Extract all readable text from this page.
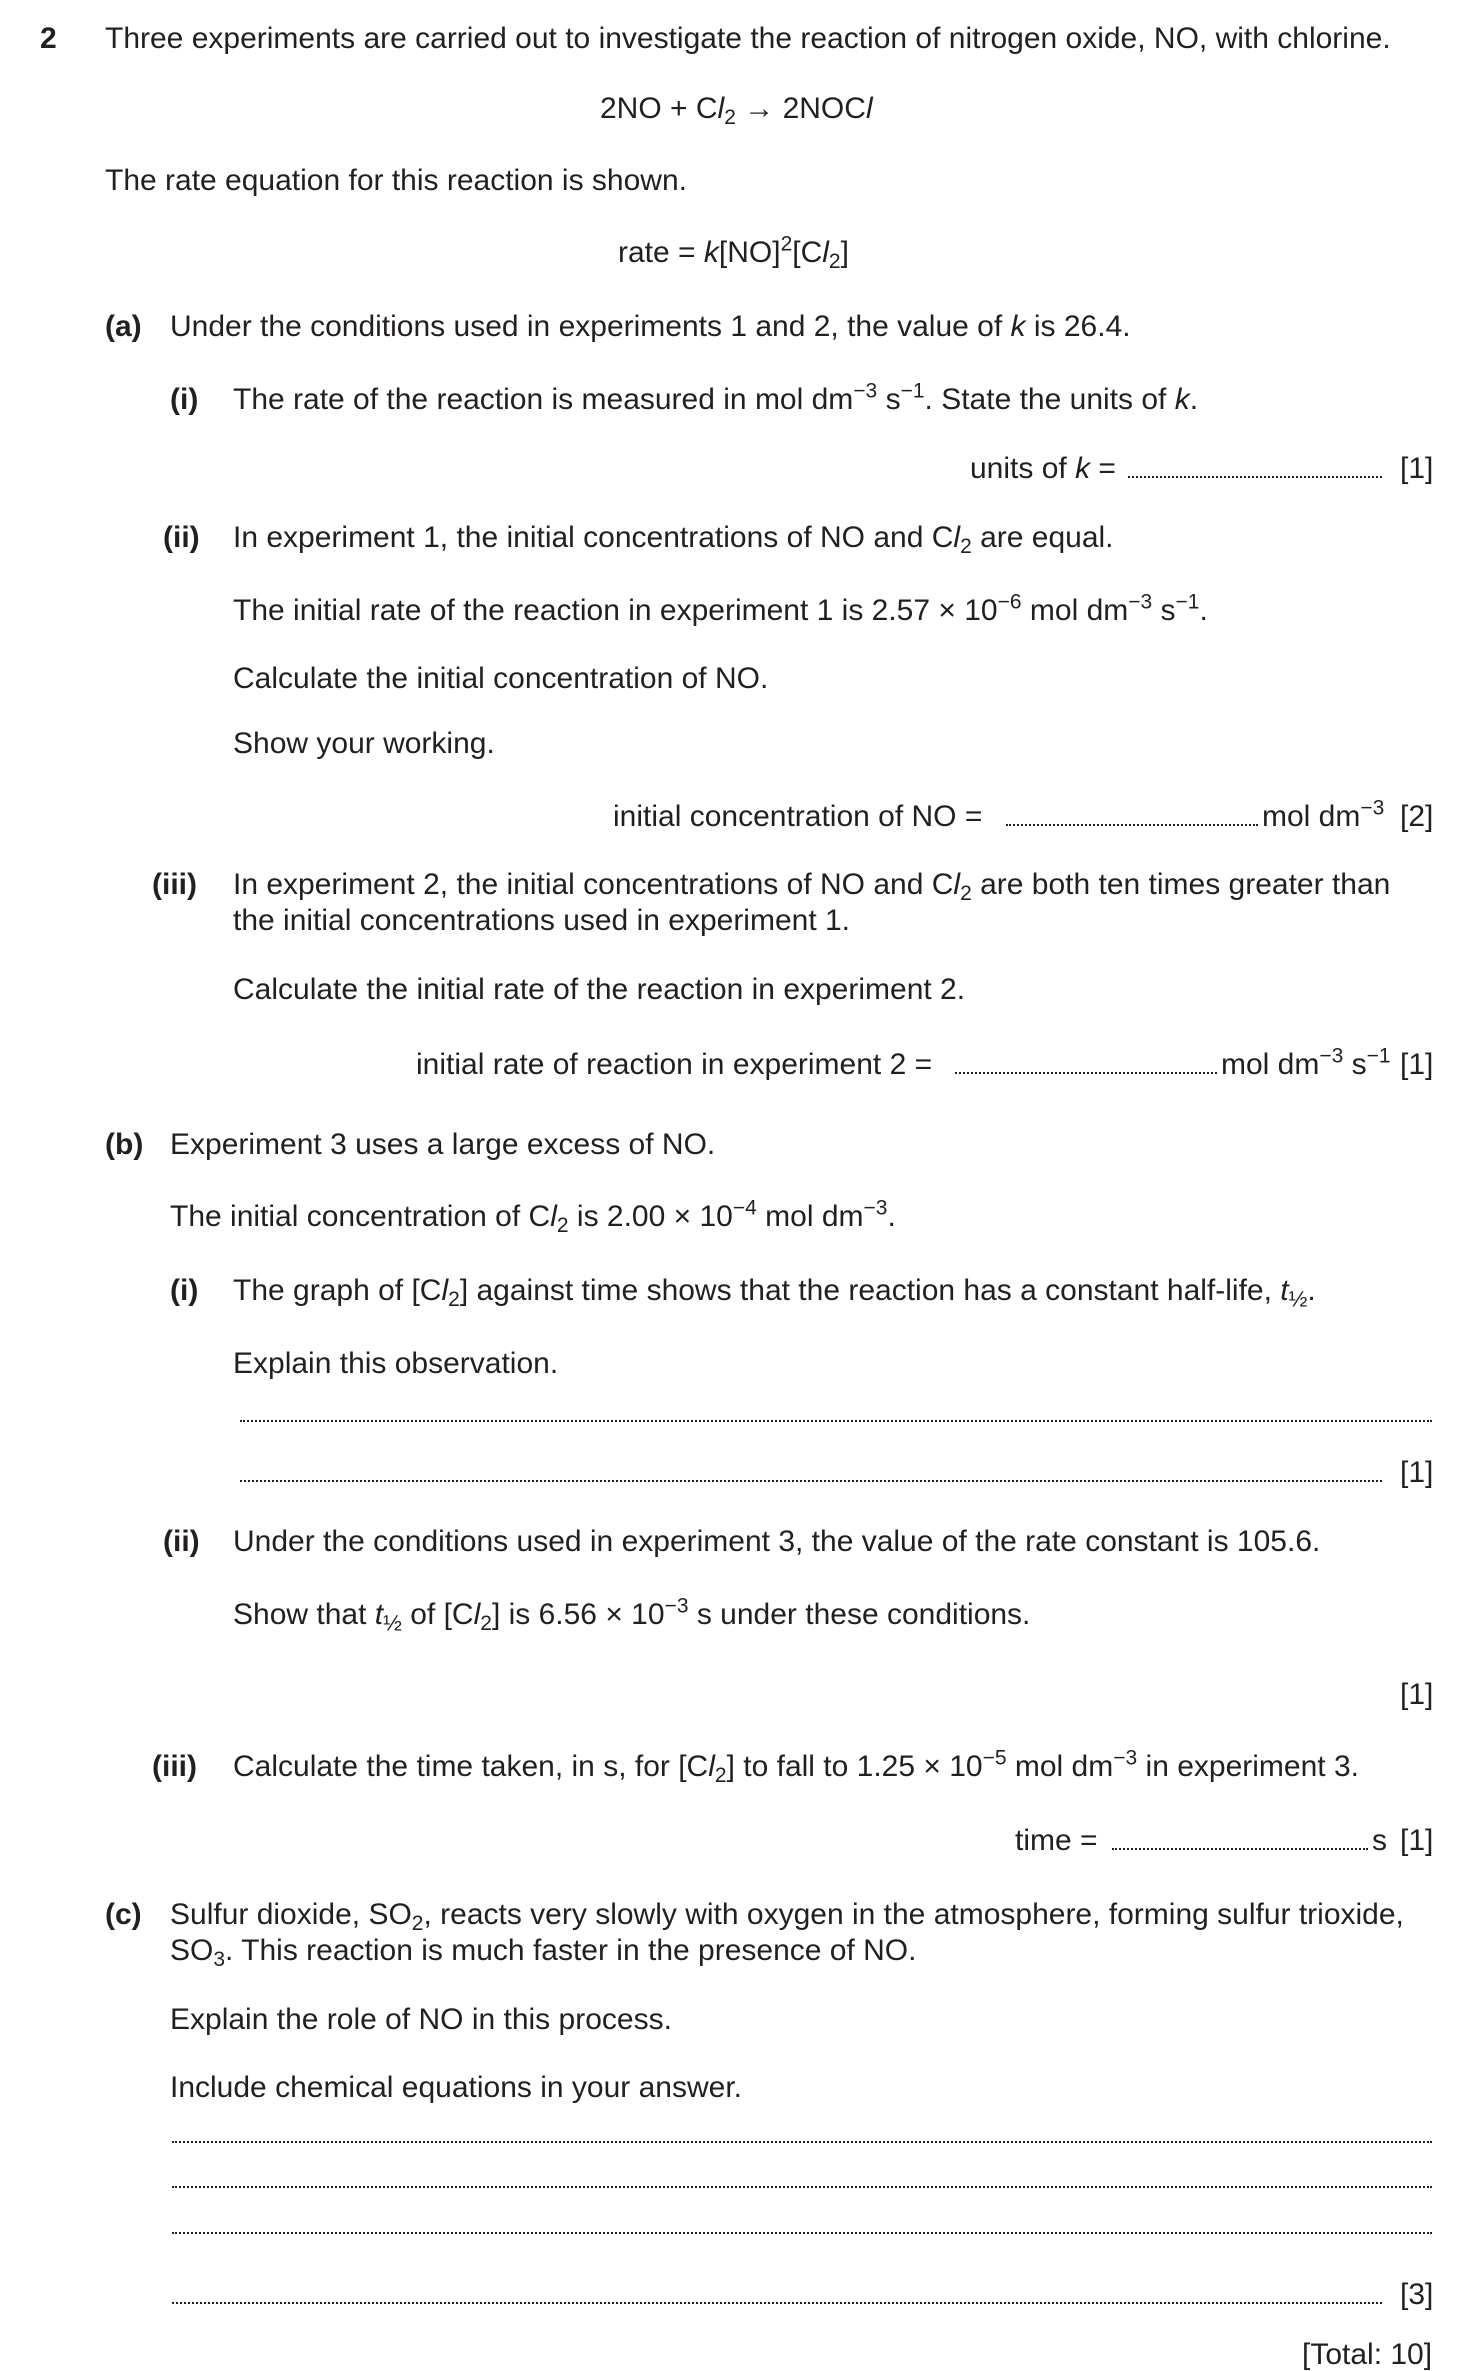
2 Three experiments are carried out to investigate the reaction of nitrogen oxide, NO, with chlorine.
$2NO + Cl_2$ → 2NOCl
The rate equation for this reaction is shown.
rate = $k[NO]^2[Cl_2]$
(a) Under the conditions used in experiments 1 and 2, the value of k is 26.4.
(i) The rate of the reaction is measured in mol $dm^{-3}$ $s^{-1}$. State the units of k.
units of k =	[1]
(ii) In experiment 1, the initial concentrations of NO and $Cl_2$ are equal.
The initial rate of the reaction in experiment 1 is $2.57 \times 10^{-6}$ mol $dm^{-3}$ $s^{-1}$.
Calculate the initial concentration of NO.
Show your working.
initial concentration of NO =	mol $dm^{-3}$ [2]
(iii) In experiment 2, the initial concentrations of NO and $Cl_2$ are both ten times greater than
the initial concentrations used in experiment 1.
Calculate the initial rate of the reaction in experiment 2.
initial rate of reaction in experiment 2 =	mol $dm^{-3}$ $s^{-1}$ [1]
(b) Experiment 3 uses a large excess of NO.
The initial concentration of $Cl_2$ is $2.00 \times 10^{-4}$ mol $dm^{-3}$.
(i) The graph of $[Cl_2]$ against time shows that the reaction has a constant half-life, $t_{\frac{1}{2}}$.
Explain this observation.
[1]
(ii) Under the conditions used in experiment 3, the value of the rate constant is 105.6.
Show that $t_{\frac{1}{2}}$ of $[Cl_2]$ is $6.56 \times 10^{-3}$ s under these conditions.
[1]
(iii) Calculate the time taken, in s, for $[Cl_2]$ to fall to $1.25 \times 10^{-5}$ mol $dm^{-3}$ in experiment 3.
time =	s [1]
(c) Sulfur dioxide, $SO_2$, reacts very slowly with oxygen in the atmosphere, forming sulfur trioxide,
$SO_3$. This reaction is much faster in the presence of NO.
Explain the role of NO in this process.
Include chemical equations in your answer.
[3]
[Total: 10]
